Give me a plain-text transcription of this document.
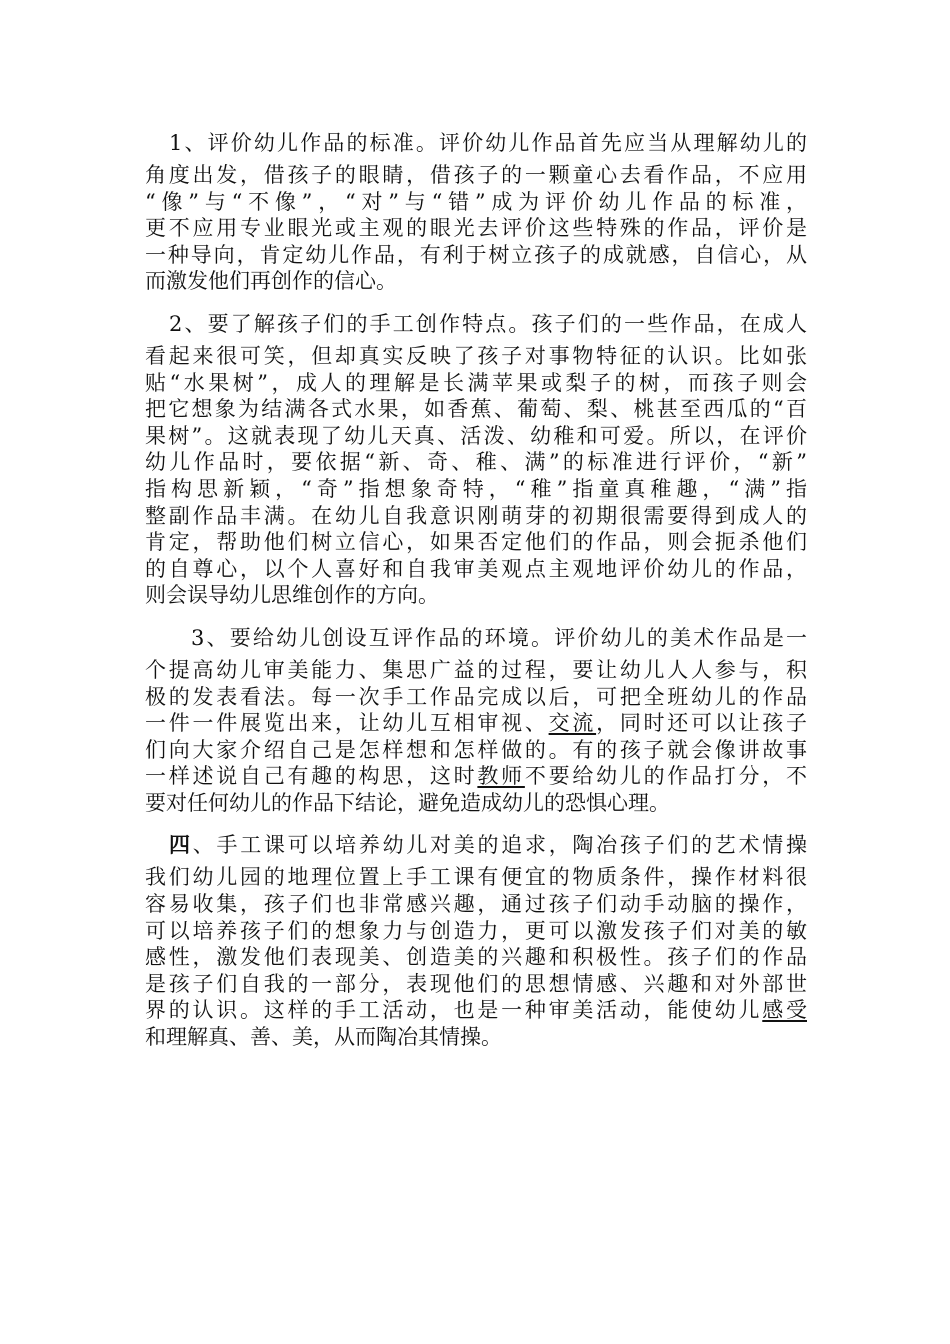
1、评价幼儿作品的标准。评价幼儿作品首先应当从理解幼儿的
角度出发，借孩子的眼睛，借孩子的一颗童心去看作品，不应用
“像”与“不像”，“对”与“错”成为评价幼儿作品的标准，
更不应用专业眼光或主观的眼光去评价这些特殊的作品，评价是
一种导向，肯定幼儿作品，有利于树立孩子的成就感，自信心，从
而激发他们再创作的信心。
2、要了解孩子们的手工创作特点。孩子们的一些作品，在成人
看起来很可笑，但却真实反映了孩子对事物特征的认识。比如张
贴“水果树”，成人的理解是长满苹果或梨子的树，而孩子则会
把它想象为结满各式水果，如香蕉、葡萄、梨、桃甚至西瓜的“百
果树”。这就表现了幼儿天真、活泼、幼稚和可爱。所以，在评价
幼儿作品时，要依据“新、奇、稚、满”的标准进行评价，“新”
指构思新颖，“奇”指想象奇特，“稚”指童真稚趣，“满”指
整副作品丰满。在幼儿自我意识刚萌芽的初期很需要得到成人的
肯定，帮助他们树立信心，如果否定他们的作品，则会扼杀他们
的自尊心，以个人喜好和自我审美观点主观地评价幼儿的作品，
则会误导幼儿思维创作的方向。
3、要给幼儿创设互评作品的环境。评价幼儿的美术作品是一
个提高幼儿审美能力、集思广益的过程，要让幼儿人人参与，积
极的发表看法。每一次手工作品完成以后，可把全班幼儿的作品
一件一件展览出来，让幼儿互相审视、交流，同时还可以让孩子
们向大家介绍自己是怎样想和怎样做的。有的孩子就会像讲故事
一样述说自己有趣的构思，这时教师不要给幼儿的作品打分，不
要对任何幼儿的作品下结论，避免造成幼儿的恐惧心理。
四、手工课可以培养幼儿对美的追求，陶冶孩子们的艺术情操
我们幼儿园的地理位置上手工课有便宜的物质条件，操作材料很
容易收集，孩子们也非常感兴趣，通过孩子们动手动脑的操作，
可以培养孩子们的想象力与创造力，更可以激发孩子们对美的敏
感性，激发他们表现美、创造美的兴趣和积极性。孩子们的作品
是孩子们自我的一部分，表现他们的思想情感、兴趣和对外部世
界的认识。这样的手工活动，也是一种审美活动，能使幼儿感受
和理解真、善、美，从而陶冶其情操。
